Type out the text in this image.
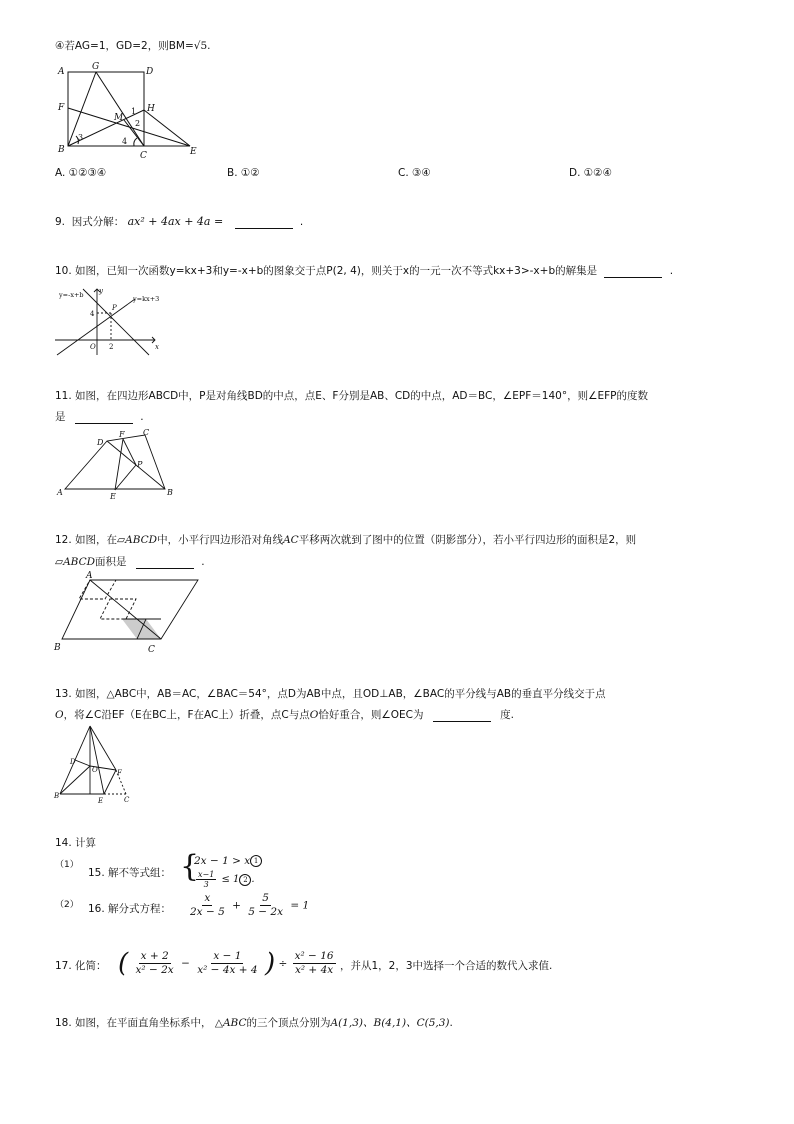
④若AG=1，GD=2，则BM=√5.
A	G	D
F	H
M
B
C	E
1
2
3	4
A. ①②③④	B. ①②	C. ③④	D. ①②④
9. 因式分解： ax² + 4ax + 4a =	.
10. 如图，已知一次函数y=kx+3和y=-x+b的图象交于点P(2, 4)，则关于x的一元一次不等式kx+3>-x+b的解集是	.
y=-x+b	y=kx+3
P
y
x
O
4
2
11. 如图，在四边形ABCD中，P是对角线BD的中点，点E、F分别是AB、CD的中点，AD＝BC，∠EPF＝140°，则∠EFP的度数
是	.
D
F C
P
A	E	B
12. 如图，在▱ABCD中，小平行四边形沿对角线AC平移两次就到了图中的位置（阴影部分），若小平行四边形的面积是2，则
▱ABCD面积是	.
A
B	C
13. 如图，△ABC中，AB＝AC，∠BAC＝54°，点D为AB中点，且OD⊥AB，∠BAC的平分线与AB的垂直平分线交于点
O，将∠C沿EF（E在BC上，F在AC上）折叠，点C与点O恰好重合，则∠OEC为	度.
D
O	F
B
E	C
14. 计算
（1）
15. 解不等式组： {
2x − 1 > x 1
$\frac{x-1}{3} \le 1$ 2 .
（2） 16. 解分式方程： $\frac{x}{2x - 5} + \frac{5}{5 - 2x} = 1$
17. 化简： ( $\frac{x + 2}{\text{x² − 2x}} - \frac{x - 1}{\text{x² − 4x + 4}}$ ) ÷ $\frac{\text{x² − 16}}{\text{x² + 4x}}$ ，并从1，2，3中选择一个合适的数代入求值.
18. 如图，在平面直角坐标系中， △ABC的三个顶点分别为A(1,3)、B(4,1)、C(5,3).
